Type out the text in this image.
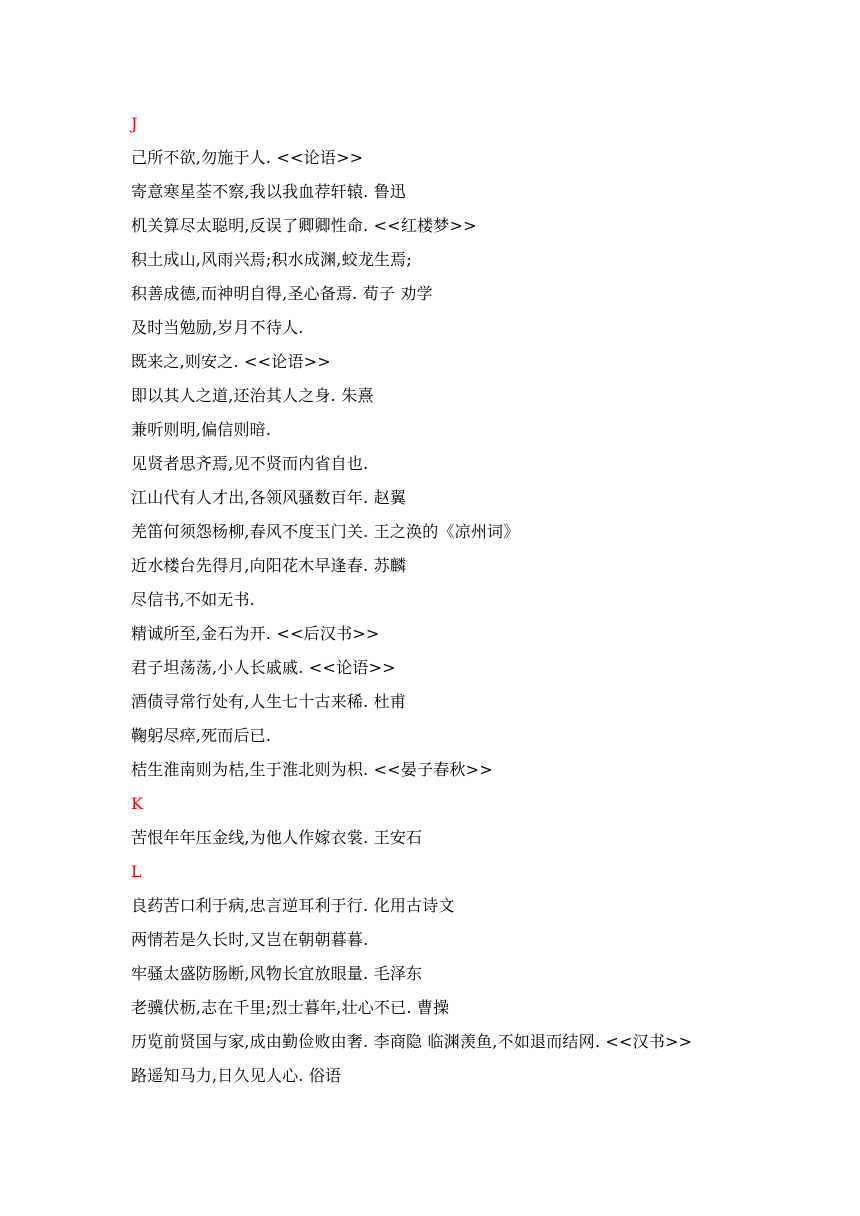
J
己所不欲,勿施于人. <<论语>>
寄意寒星荃不察,我以我血荐轩辕. 鲁迅
机关算尽太聪明,反误了卿卿性命. <<红楼梦>>
积土成山,风雨兴焉;积水成渊,蛟龙生焉;
积善成德,而神明自得,圣心备焉. 荀子 劝学
及时当勉励,岁月不待人.
既来之,则安之. <<论语>>
即以其人之道,还治其人之身. 朱熹
兼听则明,偏信则暗.
见贤者思齐焉,见不贤而内省自也.
江山代有人才出,各领风骚数百年. 赵翼
羌笛何须怨杨柳,春风不度玉门关. 王之涣的《凉州词》
近水楼台先得月,向阳花木早逢春. 苏麟
尽信书,不如无书.
精诚所至,金石为开. <<后汉书>>
君子坦荡荡,小人长戚戚. <<论语>>
酒债寻常行处有,人生七十古来稀. 杜甫
鞠躬尽瘁,死而后已.
桔生淮南则为桔,生于淮北则为枳. <<晏子春秋>>
K
苦恨年年压金线,为他人作嫁衣裳. 王安石
L
良药苦口利于病,忠言逆耳利于行. 化用古诗文
两情若是久长时,又岂在朝朝暮暮.
牢骚太盛防肠断,风物长宜放眼量. 毛泽东
老骥伏枥,志在千里;烈士暮年,壮心不已. 曹操
历览前贤国与家,成由勤俭败由奢. 李商隐 临渊羡鱼,不如退而结网. <<汉书>>
路遥知马力,日久见人心. 俗语
